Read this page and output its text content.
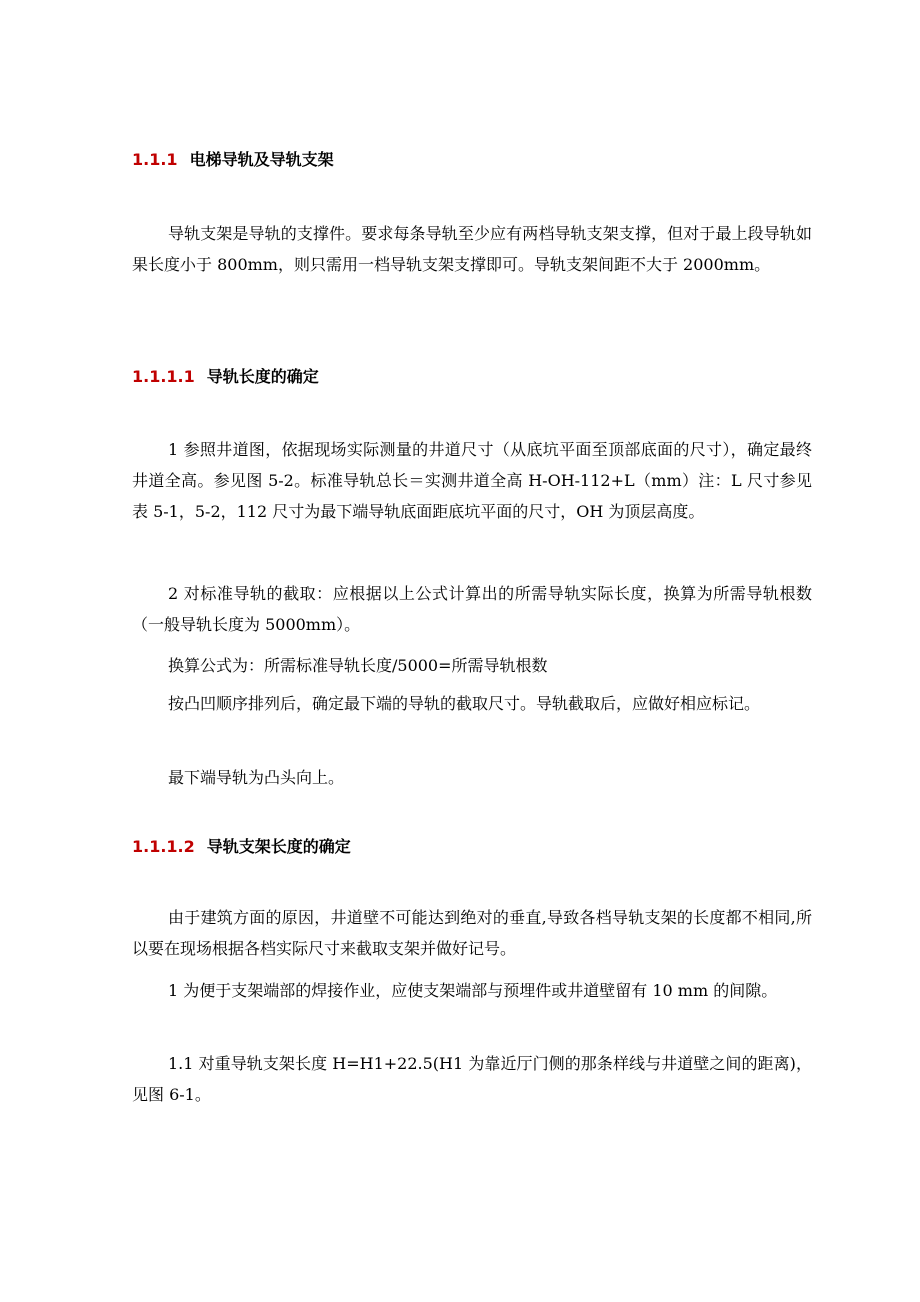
1.1.1 电梯导轨及导轨支架

导轨支架是导轨的支撑件。要求每条导轨至少应有两档导轨支架支撑，但对于最上段导轨如果长度小于 800mm，则只需用一档导轨支架支撑即可。导轨支架间距不大于 2000mm。

1.1.1.1 导轨长度的确定

1 参照井道图，依据现场实际测量的井道尺寸（从底坑平面至顶部底面的尺寸），确定最终井道全高。参见图 5-2。标准导轨总长＝实测井道全高 H-OH-112+L（mm）注：L 尺寸参见表 5-1，5-2，112 尺寸为最下端导轨底面距底坑平面的尺寸，OH 为顶层高度。

2 对标准导轨的截取：应根据以上公式计算出的所需导轨实际长度，换算为所需导轨根数（一般导轨长度为 5000mm）。

换算公式为：所需标准导轨长度/5000=所需导轨根数

按凸凹顺序排列后，确定最下端的导轨的截取尺寸。导轨截取后，应做好相应标记。

最下端导轨为凸头向上。

1.1.1.2 导轨支架长度的确定

由于建筑方面的原因，井道壁不可能达到绝对的垂直,导致各档导轨支架的长度都不相同,所以要在现场根据各档实际尺寸来截取支架并做好记号。

1 为便于支架端部的焊接作业，应使支架端部与预埋件或井道壁留有 10 mm 的间隙。

1.1 对重导轨支架长度 H=H1+22.5(H1 为靠近厅门侧的那条样线与井道壁之间的距离)，见图 6-1。
